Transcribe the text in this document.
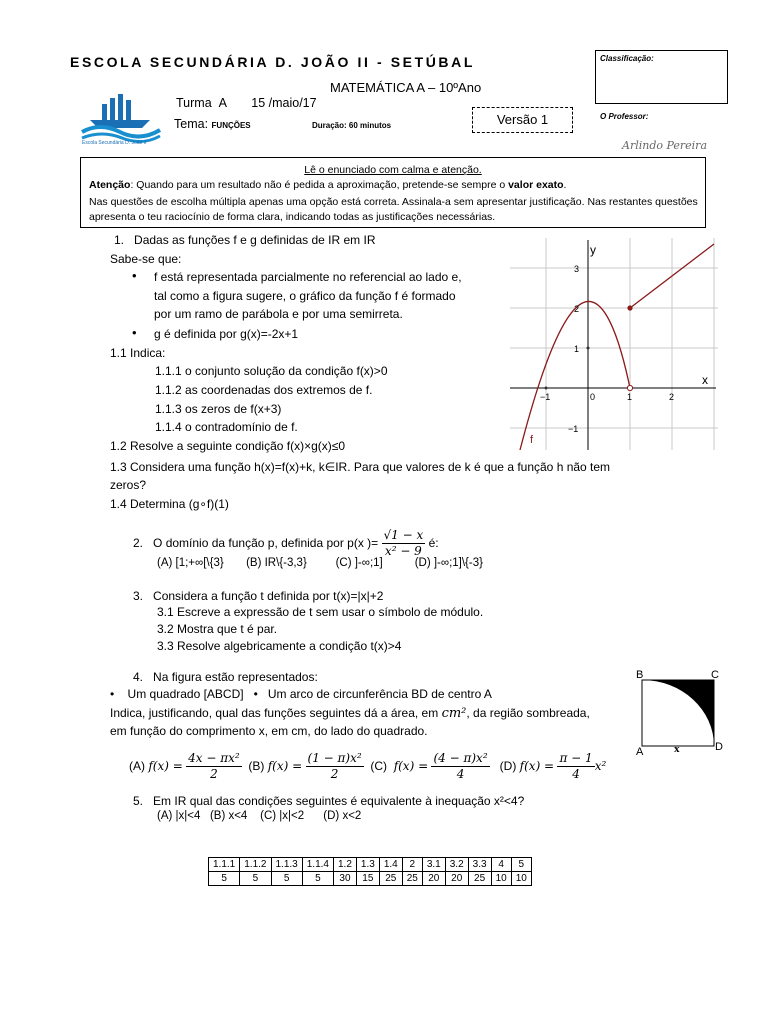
ESCOLA SECUNDÁRIA D. JOÃO II - SETÚBAL
MATEMÁTICA A – 10ºAno
Escola Secundária D. João II
Turma A 15 /maio/17
Tema: FUNÇÕES	Duração: 60 minutos	Versão 1
Classificação:
O Professor:
Arlindo Pereira
Lê o enunciado com calma e atenção.
Atenção: Quando para um resultado não é pedida a aproximação, pretende-se sempre o valor exato.
Nas questões de escolha múltipla apenas uma opção está correta. Assinala-a sem apresentar justificação. Nas restantes questões apresenta o teu raciocínio de forma clara, indicando todas as justificações necessárias.
1. Dadas as funções f e g definidas de IR em IR
Sabe-se que:
• f está representada parcialmente no referencial ao lado e,
tal como a figura sugere, o gráfico da função f é formado
por um ramo de parábola e por uma semirreta.
• g é definida por g(x)=-2x+1
1.1 Indica:
1.1.1 o conjunto solução da condição f(x)>0
1.1.2 as coordenadas dos extremos de f.
1.1.3 os zeros de f(x+3)
1.1.4 o contradomínio de f.
1.2 Resolve a seguinte condição f(x)×g(x)≤0
1.3 Considera uma função h(x)=f(x)+k, k∈IR. Para que valores de k é que a função h não tem
zeros?
1.4 Determina (g∘f)(1)
y
x
f
3
2
1
−1
−1	0	1	2
2. O domínio da função p, definida por p(x )= $\frac{√1 - x}{\text{x² − 9}}$ é:
(A) [1;+∞[\{3} (B) IR\{-3,3}	(C) ]-∞;1]	(D) ]-∞;1]\{-3}
3. Considera a função t definida por t(x)=|x|+2
3.1 Escreve a expressão de t sem usar o símbolo de módulo.
3.2 Mostra que t é par.
3.3 Resolve algebricamente a condição t(x)>4
4. Na figura estão representados:
•    Um quadrado [ABCD]   •   Um arco de circunferência BD de centro A
Indica, justificando, qual das funções seguintes dá a área, em cm², da região sombreada,
em função do comprimento x, em cm, do lado do quadrado.
B	C
A	D
x
(A) $f(x) = \frac{\text{4x − πx²}}{2} (B) f(x) = \frac{\text{(1 − π)x²}}{2} (C) f(x) = \frac{\text{(4 − π)x²}}{4} (D) f(x) = \frac{\pi - 1}{4} x^2$
5. Em IR qual das condições seguintes é equivalente à inequação x²<4?
(A) |x|<4   (B) x<4    (C) |x|<2      (D) x<2
1.1.1	1.1.2	1.1.3	1.1.4	1.2	1.3	1.4	2	3.1	3.2	3.3	4	5
5	5	5	5	30	15	25	25	20	20	25	10	10
